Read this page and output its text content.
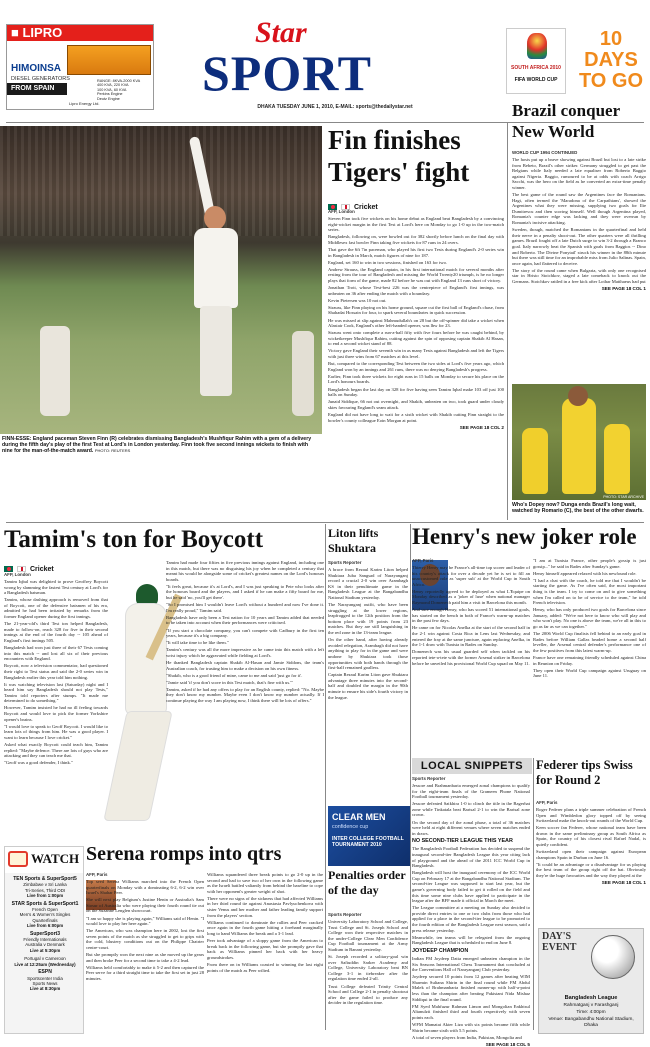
■ LIPRO
HIMOINSA
DIESEL GENERATORS
FROM SPAIN
RANGE: 8KVA-2000 KVA
400 KVA, 220 KVA
100 KVA, 60 KVA
Perkins Engine
Deutz Engine
Lipro Energy Ltd.
Star
SPORT
DHAKA TUESDAY JUNE 1, 2010, E-MAIL: sports@thedailystar.net
SOUTH AFRICA 2010
FIFA WORLD CUP
10
DAYS
TO GO
FINN-ESSE: England paceman Steven Finn (R) celebrates dismissing Bangladesh's Mushfiqur Rahim with a gem of a delivery during the fifth day's play of the first Test at Lord's in London yesterday. Finn took five second innings wickets to finish with nine for the man-of-the-match award. PHOTO: REUTERS
Fin finishes Tigers' fight

Cricket
AFP, London

Steven Finn took five wickets on his home debut as England beat Bangladesh by a convincing eight-wicket margin in the first Test at Lord's here on Monday to go 1-0 up in the two-match series.

Bangladesh, following on, were bowled out for 382 shortly before lunch on the final day with Middlesex fast bowler Finn taking five wickets for 87 runs in 24 overs.

That gave the 6ft 7in paceman, who played his first two Tests during England's 2-0 series win in Bangladesh in March, match figures of nine for 187.

England, set 160 to win in two sessions, finished on 163 for two.

Andrew Strauss, the England captain, in his first international match for several months after resting from the tour of Bangladesh and missing the World Twenty20 triumph, is he no longer plays that form of the game, made 82 before he was out with England 13 runs short of victory.

Jonathan Trott, whose Test-best 226 was the centrepiece of England's first innings, was unbeaten on 36 after ending the match with a boundary.

Kevin Pietersen was 10 not out.

Strauss, like Finn playing on his home ground, square cut the first ball of England's chase, from Shahadat Hossain for four, to spark several boundaries in quick succession.

He was missed at slip against Mahmudullah's on 28 but the off-spinner did take a wicket when Alastair Cook, England's other left-handed opener, was lbw for 23.

Strauss went onto complete a run-a-ball fifty with five fours before he was caught behind, by wicketkeeper Mushfiqur Rahim, cutting against the spin of opposing captain Shakib Al Hasan, to end a second wicket stand of 88.

Victory gave England their seventh win in as many Tests against Bangladesh and left the Tigers with just three wins from 67 matches at this level.

But, compared to the corresponding Test between the two sides at Lord's five years ago, which England won by an innings and 261 runs, there was no denying Bangladesh's progress.

Earlier, Finn took three wickets for eight runs in 15 balls on Monday to secure his place on the Lord's honours boards.

Bangladesh began the last day on 328 for five having seen Tamim Iqbal make 103 off just 100 balls on Sunday.

Junaid Siddique, 66 not out overnight, and Shakib, unbeaten on two, took guard under cloudy skies favouring England's seam attack.

England did not have long to wait for a sixth wicket with Shakib cutting Finn straight to the bowler's county colleague Eoin Morgan at point.

SEE PAGE 18 COL 2
Brazil conquer New World
WORLD CUP 1994 CONTINUED

The hosts put up a brave showing against Brazil but lost to a late strike from Bebeto, Brazil's other striker. Germany struggled to get past the Belgians while Italy needed a late equaliser from Roberto Baggio against Nigeria. Baggio, rumoured to be at odds with coach Arrigo Sacchi, was the hero on the field as he converted an extra-time penalty winner.

The best game of the round saw the Argentines face the Romanians. Hagi, often termed the 'Maradona of the Carpathians', showed the Argentines what they were missing, supplying two goals for Ilie Dumitrescu and then scoring himself. Well though Argentina played, Romania's counter edge was lacking and they were overrun by Romania's incisive attacking.

Sweden, though, matched the Romanians in the quarterfinal and held their nerve in a penalty shoot-out. The other quarters were all thrilling games. Brazil fought off a late Dutch surge to win 3-2 through a Branco goal. Italy narrowly beat the Spanish with goals from Baggios -- Dino and Roberto. The Divine Ponytail' struck his winner in the 88th minute but there was still time for an improbable miss from Julio Salinas. Spain, once again, had flattered to deceive.

The story of the round came when Bulgaria, with only one recognised star in Hristo Stoichkov, staged a late comeback to knock out the Germans. Stoichkov rattled in a free kick after Lothar Matthaeus had put

SEE PAGE 18 COL 1
PHOTO: STAR ARCHIVE
Who's Dopey now? Dunga ends Brazil's long wait, watched by Romario (C), the best of the other dwarfs.
Tamim's ton for Boycott

Cricket
AFP, London

Tamim Iqbal was delighted to prove Geoffrey Boycott wrong by slamming the fastest Test century at Lord's for a Bangladesh batsman.

Tamim, whose dashing approach is removed from that of Boycott, one of the defensive batsmen of his era, admitted he had been irritated by remarks from the former England opener during the first innings.

The 21-year-old's third Test ton helped Bangladesh, made to follow-on, reach 328 for five in their second innings at the end of the fourth day -- 105 ahead of England's first innings 505.

Bangladesh had won just three of their 67 Tests coming into this match -- and lost all six of their previous encounters with England.

Boycott, now a television commentator, had questioned their right to Test status and said the 2-0 series win in Bangladesh earlier this year told him nothing.

It was watching television last (Saturday) night and I heard him say Bangladesh should not play Tests," Tamim told reporters after stumps. "It made me determined to do something."

However, Tamim insisted he had no ill feeling towards Boycott and would love to pick the former Yorkshire opener's brains.

"I would love to speak to Geoff Boycott. I would like to learn lots of things from him. He was a good player. I want to learn because I love cricket."

Asked what exactly Boycott could teach him, Tamim replied: "Maybe defence. There are lots of guys who are attacking and they can teach me that.

"Geoff was a good defender, I think."

Tamim had made four fifties in five previous innings against England, including one in this match, but there was no disguising his joy when he completed a century that meant his would be alongside some of cricket's greatest names on the Lord's honours boards.

"It feels great, because it's at Lord's, and I was just speaking to Pete who looks after the honours board and the players, and I asked if he can make a fifty board for me, but he said 'no, you'll get there'.

"So I promised him I wouldn't leave Lord's without a hundred and now I've done it. I'm really proud," Tamim said.

Bangladesh have only been a Test nation for 10 years and Tamim added that needed to be taken into account when their performances were criticised.

"If you start a chocolate company, you can't compete with Cadbury in the first ten years, because it's a big company.

"It will take time to be like them."

Tamim's century was all the more impressive as he came into this match with a left wrist injury which he aggravated while fielding at Lord's.

He thanked Bangladesh captain Shakib Al-Hasan and Jamie Siddons, the team's Australian coach, for trusting him to make a decision on his own fitness.

"Shakib, who is a good friend of mine, came to me and said 'just go for it'.

"Jamie said 'if you don't score in this Test match, that's fine with us.'"

Tamim, asked if he had any offers to play for an English county, replied: "No. Maybe they don't know my number. Maybe even I don't know my number actually. If I continue playing the way I am playing now, I think there will be lots of offers."

Liton lifts Shuktara
Sports Reporter

A brace from Rezaul Karim Liton helped Shuktara Juba Sangsad of Narayanganj record a crucial 2-0 win over Arambagh KS in their penultimate game in the Bangladesh League at the Bangabandhu National Stadium yesterday.

The Narayanganj outfit, who have been struggling at the lower regions, leapfrogged to the 12th position from the bottom place with 19 points from 23 matches. But they are still languishing in the red zone in the 13-team league.

On the other hand, after having already avoided relegation, Arambagh did not have anything to play for in the game and were undone by Shuktara took those opportunities with both hands through the first-half remained goalless.

Captain Rezaul Karim Liton gave Shuktara advantage three minutes into the second-half and doubled the margin in the 90th minute to ensure his side's fourth victory in the league.

Henry's new joker role
AFP, Paris

Thierry Henry may be France's all-time top scorer and leader of his country's attack for over a decade yet he is set to fill an unaccustomed role as 'super sub' at the World Cup in South Africa.

Henry reportedly agreed to be deployed as what L'Equipe on Monday described as a 'joker of luxe' when national manager Raymond Domenech paid him a visit in Barcelona this month.

And sure enough Henry, who has scored 51 international goals, has started on the bench in both of France's warm-up matches in the past few days.

He came on for Nicolas Anelka at the start of the second half in the 2-1 win against Costa Rica in Lens last Wednesday, and entered the fray at the same juncture, again replacing Anelka, in the 1-1 draw with Tunisia in Rades on Sunday.

Domenech was his usual guarded self when tackled on his reported tete-a-tete with the former Arsenal striker in Barcelona before he unveiled his provisional World Cup squad on May 11.

"I am at Tunisia France, other people's gossip is just gossip..." he said in Rades after Sunday's game.

Henry himself appeared relaxed with his newfound role.

"I had a chat with the coach, he told me that I wouldn't be starting the game. As I've often said, the most important thing is the team. I try to come on and to give something when I'm called on to be of service to the team," he told French television.

Henry, who has only produced two goals for Barcelona since January, added: "We're not here to know who will play and who won't play. No one is above the team, we're all in this to go as far as we can together."

The 2006 World Cup finalists fell behind to an early goal in Rades before William Gallas headed home a second half leveller, the Arsenal central defender's performance one of the few positives from this latest warm-up.

France have one remaining friendly scheduled against China in Reunion on Friday.

They open their World Cup campaign against Uruguay on June 11.

LOCAL SNIPPETS
Sports Reporter

Jessore and Brahmanbaria emerged zonal champions to qualify for the eight-team finals of the Grameen Phone National Football tournament yesterday.

Jessore defeated Satkhira 1-0 to clinch the title in the Bagerhat zone while Tinkatala beat Barisal 2-1 to win the Barisal zone crown.

On the second day of the zonal phase, a total of 36 matches were held at eight different venues where seven matches ended in draws.

NO SECOND-TIER LEAGUE THIS YEAR

The Bangladesh Football Federation has decided to suspend the inaugural second-tier Bangladesh League this year citing lack of playground and the ahead of the 2011 ICC World Cup in Bangladesh.

Bangladesh will host the inaugural ceremony of the ICC World Cup on February 17 at the Bangabandhu National Stadium. The second-tier League was supposed to start last year, but the game's governing body failed to get it rolled on the field and this time some nine clubs have applied to participate in the league after the BFF made it official in March the meet.

The League committee at a meeting on Sunday also decided to provide direct entries to one or two clubs from those who had applied for a place in the second-tier league to be promoted to the fourth edition of the Bangladesh League next season, said a press release yesterday.

Meanwhile, ten teams will be relegated from the ongoing Bangladesh League that is scheduled to end on June 8.

JOYDEEP CHAMPION

Indian FM Joydeep Datta emerged unbeaten champion in the Six Seasons International Chess Tournament that concluded at the Conventions Hall of Narayanganj Club yesterday.

Joydeep secured 10 points from 12 games after beating WIM Sharmin Sultana Shirin in the final round while FM Abdul Malek of Brahmanbaria finished runner-up with half-a-point less than the champion after beating Pakistani Nida Mishaz Siddiqui in the final round.

FM Syed Mahfuzur Rahman Limon and Mongolian Enkhtsul Altanulzii finished third and fourth respectively with seven points each.

WFM Mamatai Akter Liza with six points became fifth while Shirin became sixth with 5.5 points.

A total of seven players from India, Pakistan, Mongolia and

SEE PAGE 18 COL 5
Federer tips Swiss for Round 2
AFP, Paris

Roger Federer plans a triple summer celebration of French Open and Wimbledon glory topped off by seeing Switzerland make the knock-out rounds of the World Cup.

Keen soccer fan Federer, whose national team have been drawn in the same preliminary group as South Africa as Spain, the country of his closest rival Rafael Nadal, is quietly confident.

Switzerland open their campaign against European champions Spain in Durban on June 16.

"It could be an advantage or a disadvantage for us playing the best team of the group right off the bat. Obviously they're the huge favourites and the way they played at the

SEE PAGE 18 COL 1
DAY'S EVENT
Bangladesh League
Rahmatganj v Farashganj
Time: 4:00pm
Venue: Bangabandhu National Stadium, Dhaka
CLEAR MEN
confidence cup
INTER COLLEGE FOOTBALL TOURNAMENT 2010
Penalties order of the day
Sports Reporter

University Laboratory School and College, Trust College and St. Joseph School and College won their respective matches in the under-College Clear Men Confidence Cup Football tournament at the Army Stadium in Banani yesterday.

St. Joseph recorded a solitary-goal win over Safiuddin Sarker Academy and College, University Laboratory beat BN College 3-1 in tiebreaker after the regulation time ended 2-all.

Trust College defeated Trinity Central School and College 2-1 in penalty shootout after the game failed to produce any decider in the regulation time.

WATCH
TEN Sports & SuperSport5
Zimbabwe v Sri Lanka
Tri-Series, Third ODI
Live from 1:00pm
STAR Sports & SuperSport1
French Open
Men's & Women's Singles Quarterfinals
Live from 6:00pm
SuperSport3
Friendly Internationals
Australia v Denmark
Live at 5:30pm
Portugal v Cameroon
Live at 12:25am (Wednesday)
ESPN
Sportscenter India
Sports News
Live at 8:30pm
Serena romps into qtrs
AFP, Paris

Top seed Serena Williams marched into the French Open quarterfinals on Monday with a dominating 6-2, 6-2 win over Israel's Shahar Peer.

She will next play Belgium's Justine Henin or Australia's Sam Stosur of Australia who were playing their fourth round tie out on the Suzanne Lenglen showcourt.

"I am so happy she is playing again," Williams said of Henin. "I would love to play her here again."

The American, who was champion here in 2002, lost the first seven points of the match as she struggled to get to grips with the cold, blustery conditions out on the Philippe Chatrier centre-court.

But she promptly won the next nine as she moved up the gears and then broke Peer for a second time to take a 4-2 lead.

Williams held comfortably to make it 5-2 and then captured the Peer serve for a third straight time to take the first set in just 28 minutes.

Williams squandered three break points to go 2-0 up in the second and had to save two of her own in the following game as the Israeli battled valiantly from behind the baseline to cope with her opponent's greater weight of shot.

There were no signs of the sickness that had affected Williams in her third round tie against Anastasia Pavlyuchenkova with sister Venus and her mother and father leading family support from the players' section.

Williams continued to dominate the rallies and Peer cracked once again in the fourth game hitting a forehand marginally long to hand Williams the break and a 3-1 lead.

Peer took advantage of a sloppy game from the American to break back in the following game, but she promptly gave that back as Williams pinned her back with her heavy groundstrokes.

From there on in Williams coasted to winning the last eight points of the match as Peer wilted.
